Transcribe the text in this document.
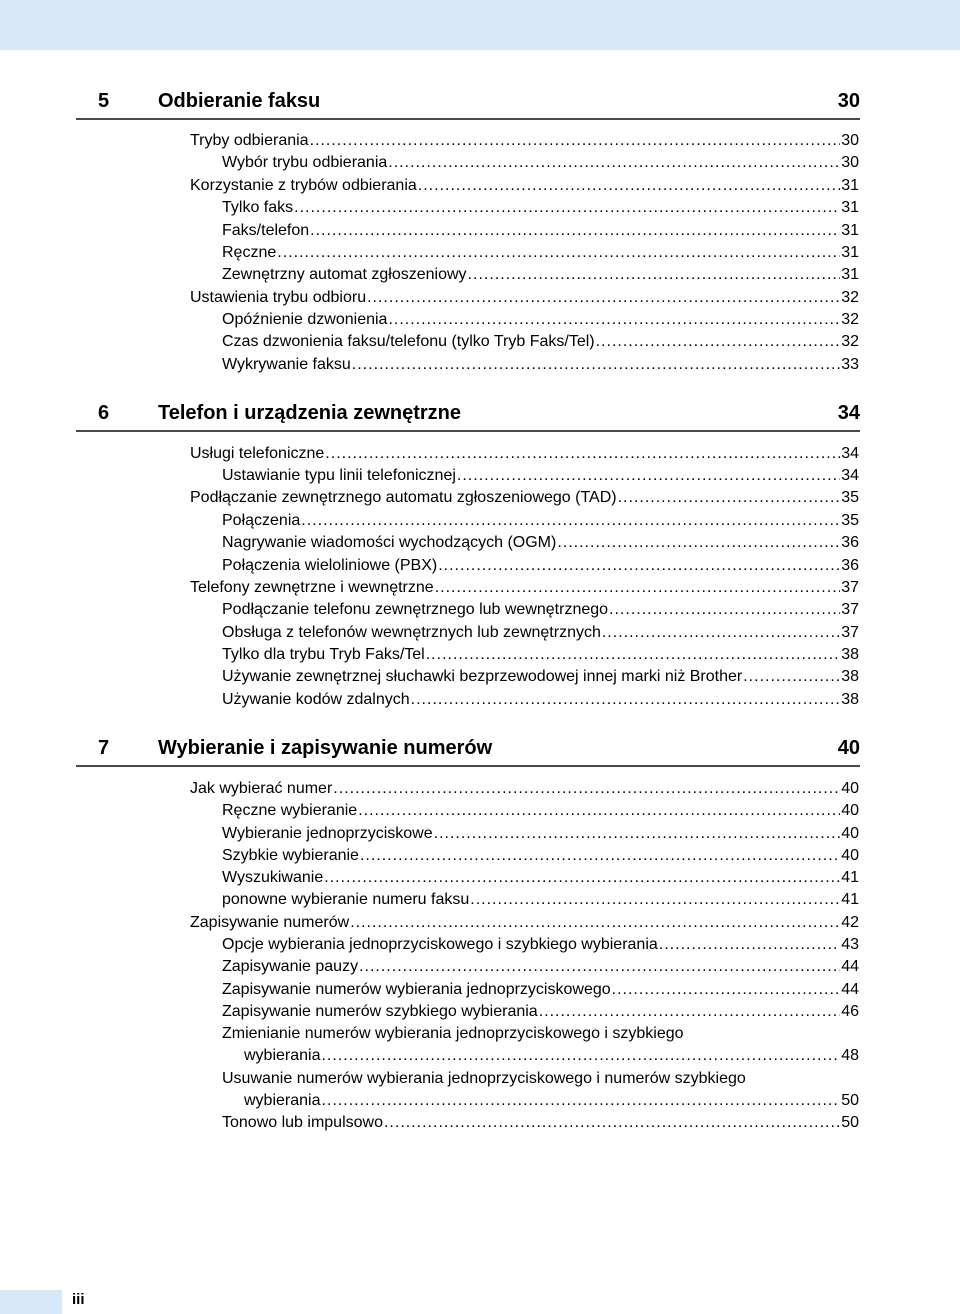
5 Odbieranie faksu	30
Tryby odbierania .....	30
Wybór trybu odbierania .....	30
Korzystanie z trybów odbierania .....	31
Tylko faks .....	31
Faks/telefon .....	31
Ręczne .....	31
Zewnętrzny automat zgłoszeniowy .....	31
Ustawienia trybu odbioru .....	32
Opóźnienie dzwonienia .....	32
Czas dzwonienia faksu/telefonu (tylko Tryb Faks/Tel) .....	32
Wykrywanie faksu .....	33
6 Telefon i urządzenia zewnętrzne	34
Usługi telefoniczne .....	34
Ustawianie typu linii telefonicznej .....	34
Podłączanie zewnętrznego automatu zgłoszeniowego (TAD) .....	35
Połączenia .....	35
Nagrywanie wiadomości wychodzących (OGM) .....	36
Połączenia wieloliniowe (PBX) .....	36
Telefony zewnętrzne i wewnętrzne .....	37
Podłączanie telefonu zewnętrznego lub wewnętrznego .....	37
Obsługa z telefonów wewnętrznych lub zewnętrznych .....	37
Tylko dla trybu Tryb Faks/Tel .....	38
Używanie zewnętrznej słuchawki bezprzewodowej innej marki niż Brother .....	38
Używanie kodów zdalnych .....	38
7 Wybieranie i zapisywanie numerów	40
Jak wybierać numer .....	40
Ręczne wybieranie .....	40
Wybieranie jednoprzyciskowe .....	40
Szybkie wybieranie .....	40
Wyszukiwanie .....	41
ponowne wybieranie numeru faksu .....	41
Zapisywanie numerów .....	42
Opcje wybierania jednoprzyciskowego i szybkiego wybierania .....	43
Zapisywanie pauzy .....	44
Zapisywanie numerów wybierania jednoprzyciskowego .....	44
Zapisywanie numerów szybkiego wybierania .....	46
Zmienianie numerów wybierania jednoprzyciskowego i szybkiego
wybierania .....	48
Usuwanie numerów wybierania jednoprzyciskowego i numerów szybkiego
wybierania .....	50
Tonowo lub impulsowo .....	50
iii
